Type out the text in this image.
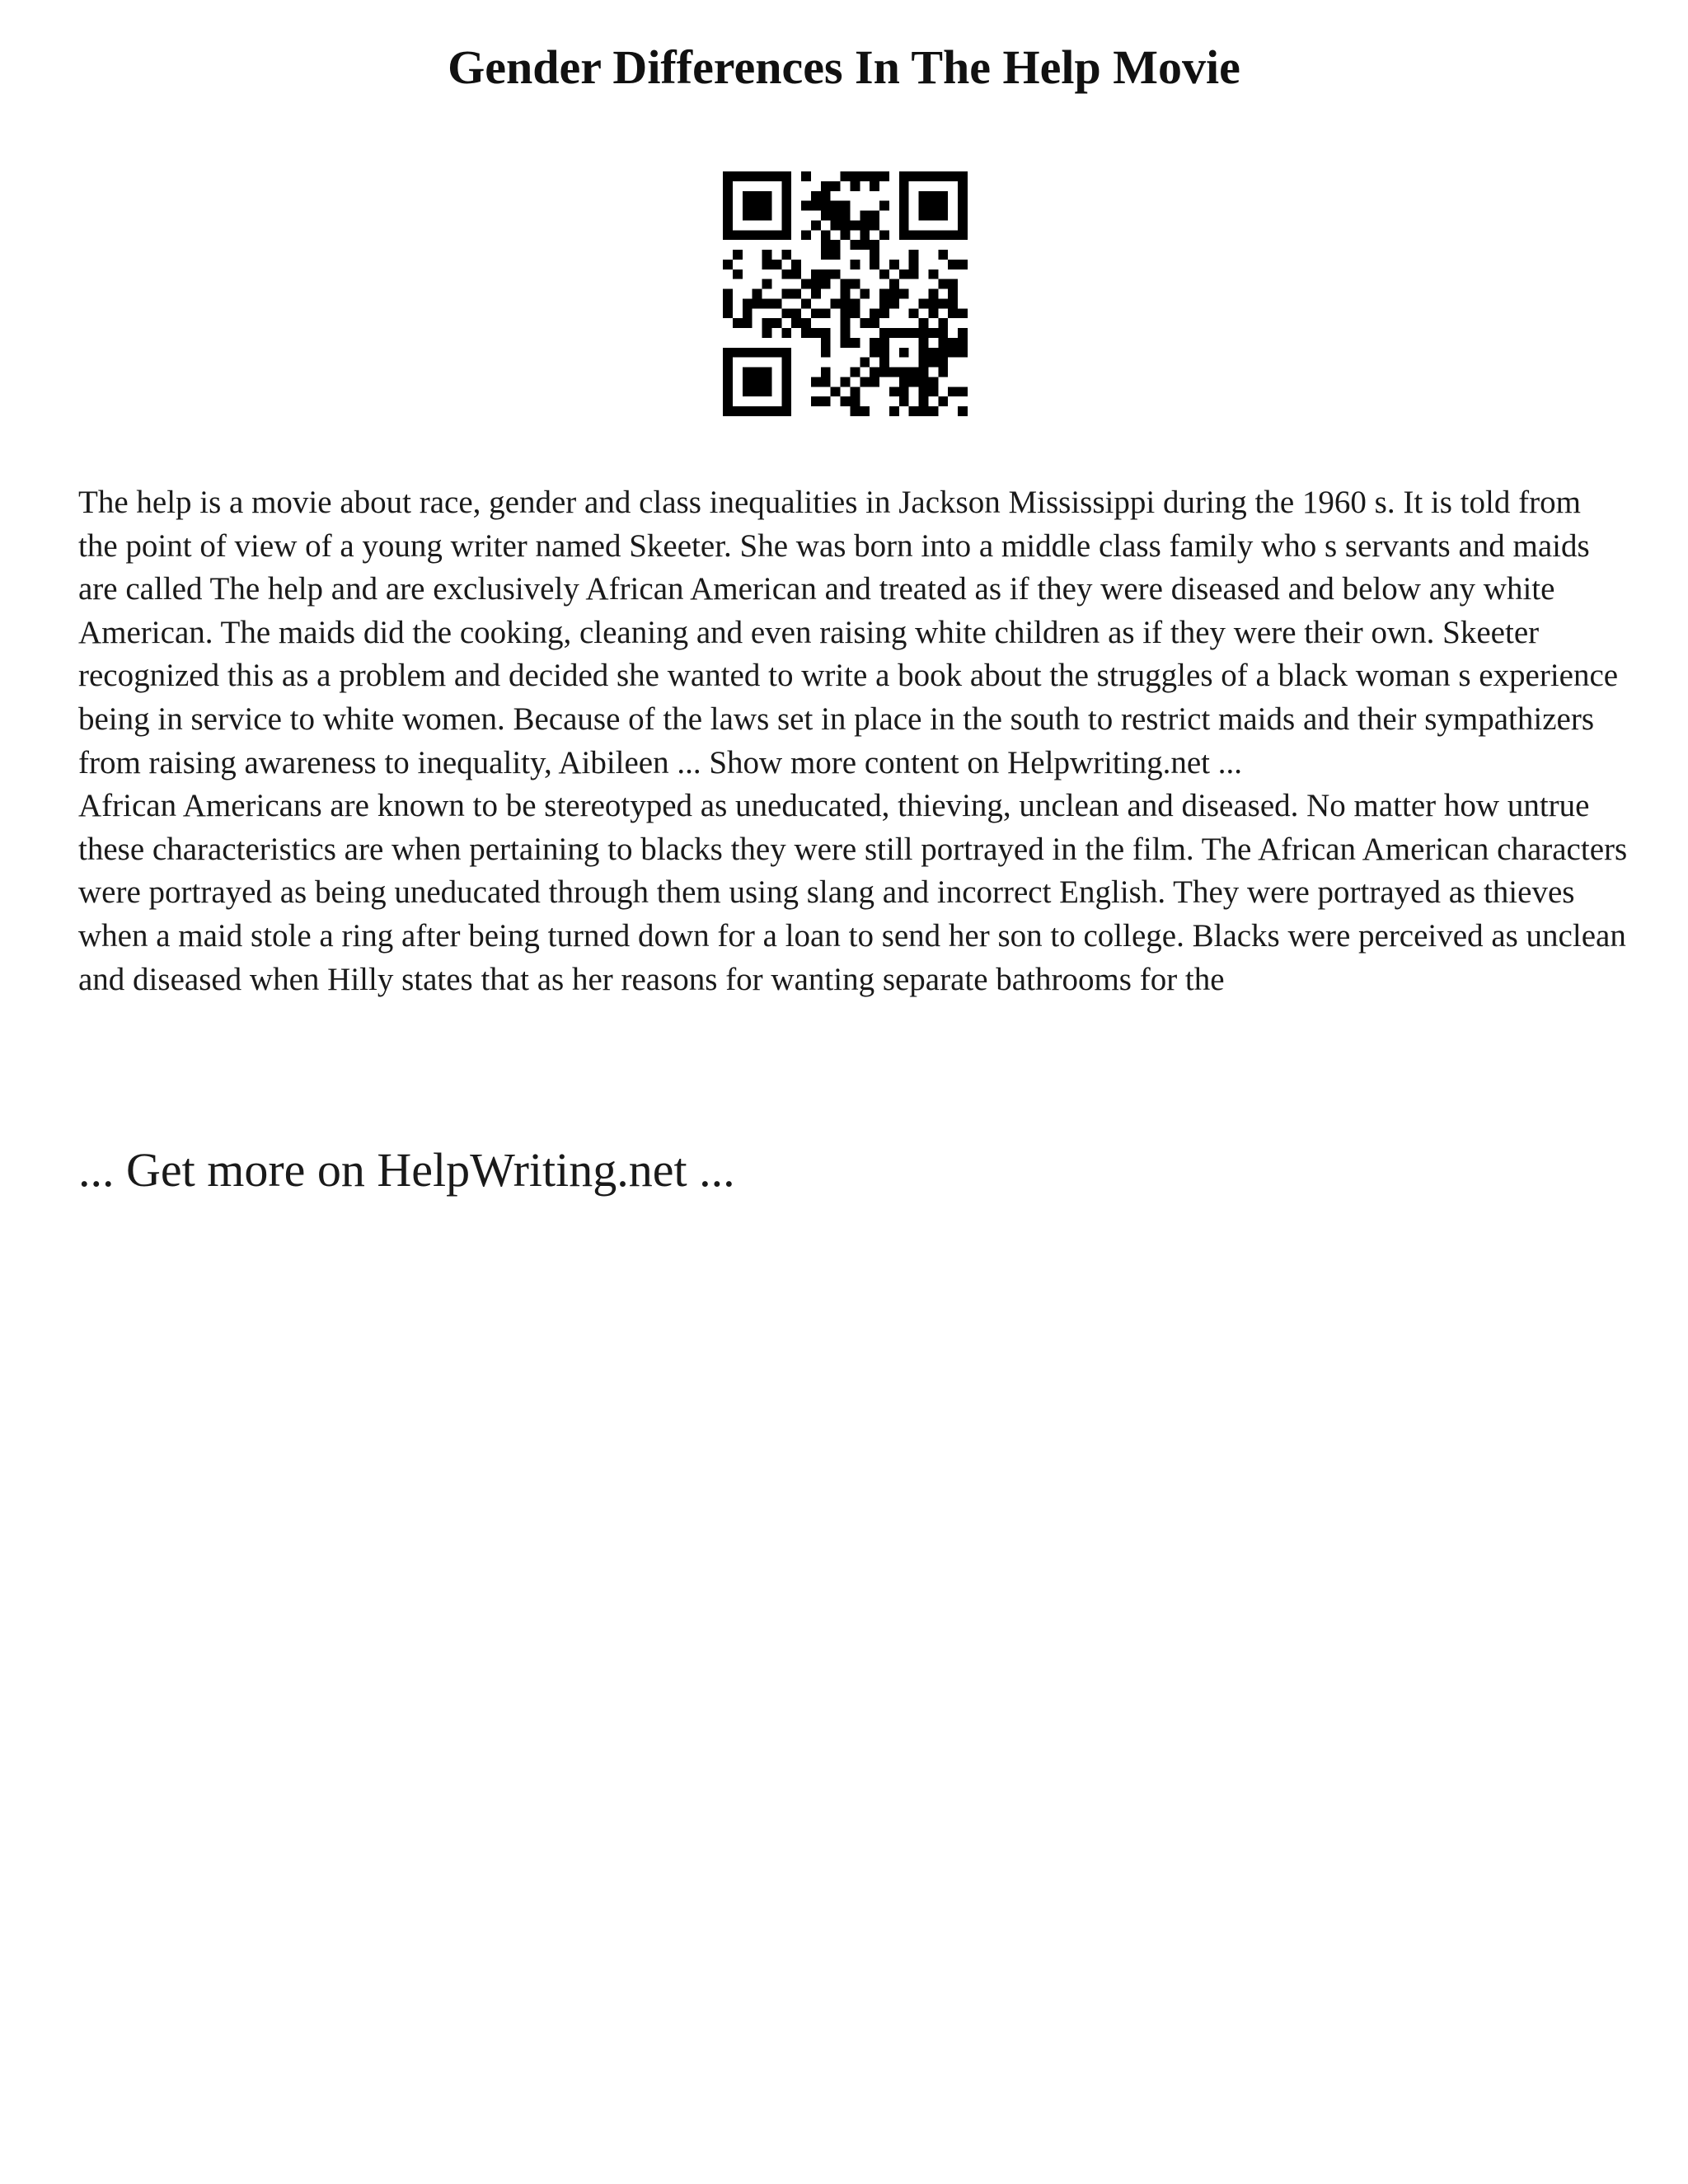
Gender Differences In The Help Movie

The help is a movie about race, gender and class inequalities in Jackson Mississippi during the 1960 s. It is told from the point of view of a young writer named Skeeter. She was born into a middle class family who s servants and maids are called The help and are exclusively African American and treated as if they were diseased and below any white American. The maids did the cooking, cleaning and even raising white children as if they were their own. Skeeter recognized this as a problem and decided she wanted to write a book about the struggles of a black woman s experience being in service to white women. Because of the laws set in place in the south to restrict maids and their sympathizers from raising awareness to inequality, Aibileen ... Show more content on Helpwriting.net ...

African Americans are known to be stereotyped as uneducated, thieving, unclean and diseased. No matter how untrue these characteristics are when pertaining to blacks they were still portrayed in the film. The African American characters were portrayed as being uneducated through them using slang and incorrect English. They were portrayed as thieves when a maid stole a ring after being turned down for a loan to send her son to college. Blacks were perceived as unclean and diseased when Hilly states that as her reasons for wanting separate bathrooms for the

... Get more on HelpWriting.net ...
